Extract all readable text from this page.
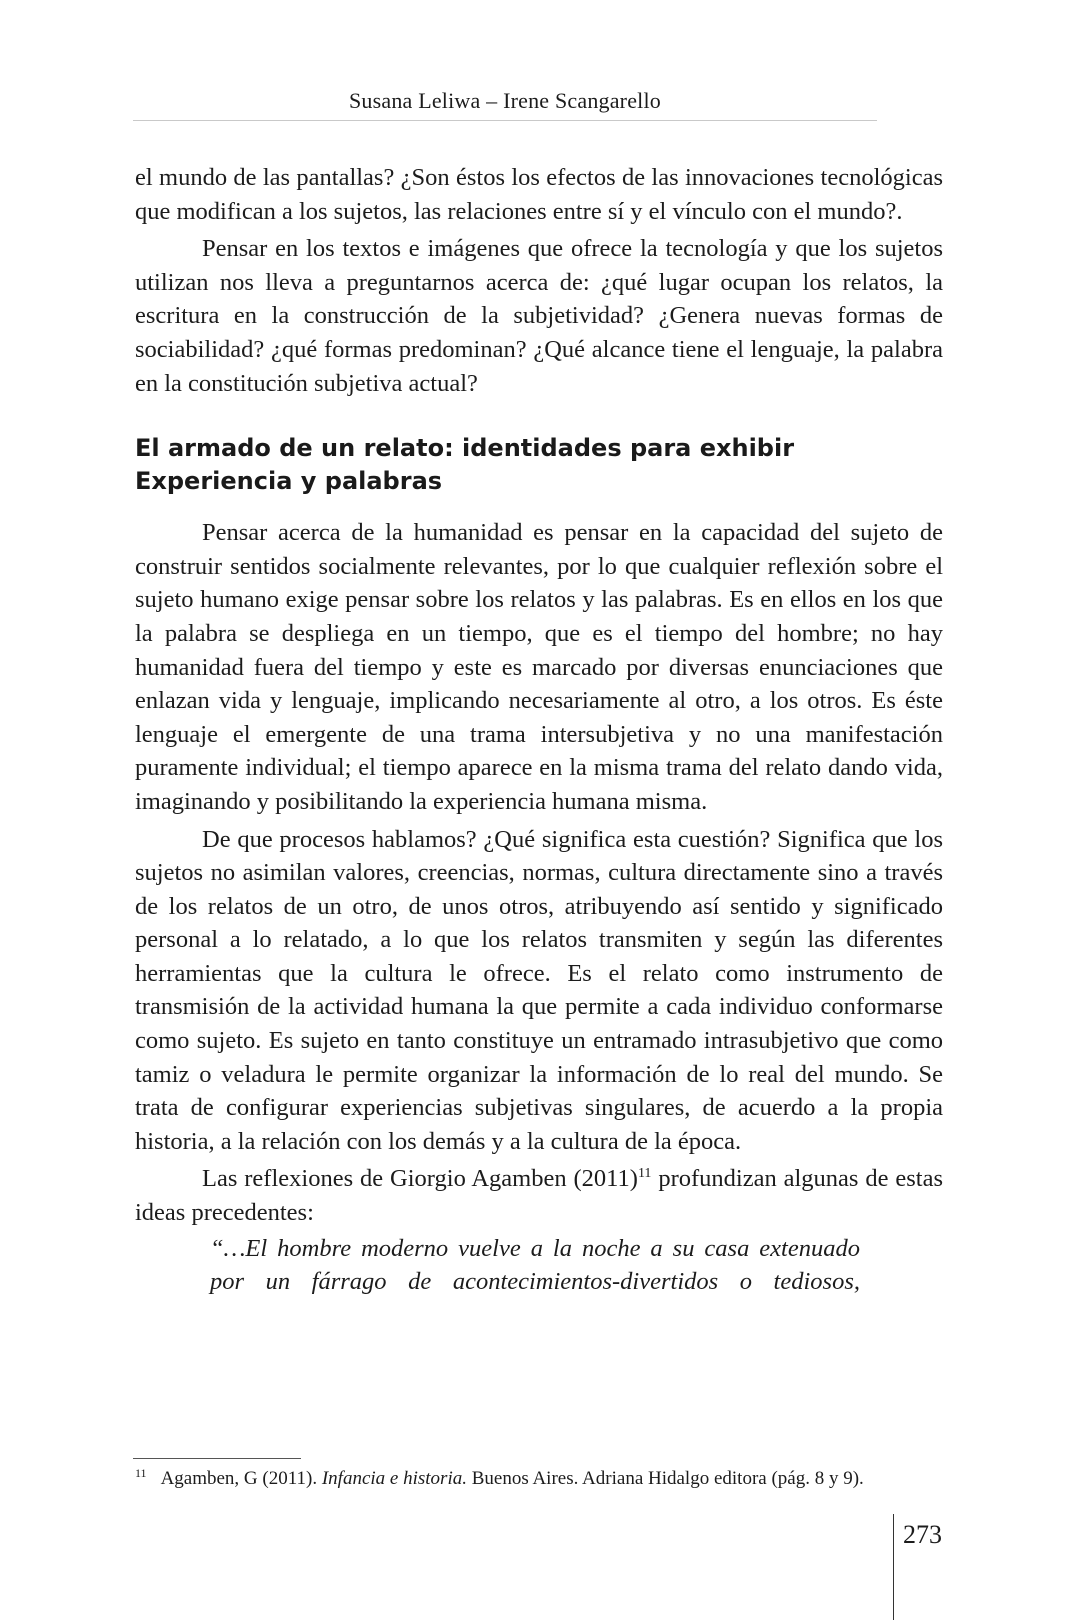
Susana Leliwa – Irene Scangarello

el mundo de las pantallas? ¿Son éstos los efectos de las innovaciones tecnológicas que modifican a los sujetos, las relaciones entre sí y el vínculo con el mundo?.

Pensar en los textos e imágenes que ofrece la tecnología y que los sujetos utilizan nos lleva a preguntarnos acerca de: ¿qué lugar ocupan los relatos, la escritura en la construcción de la subjetividad? ¿Genera nuevas formas de sociabilidad? ¿qué formas predominan? ¿Qué alcance tiene el lenguaje, la palabra en la constitución subjetiva actual?

El armado de un relato: identidades para exhibir
Experiencia y palabras

Pensar acerca de la humanidad es pensar en la capacidad del sujeto de construir sentidos socialmente relevantes, por lo que cualquier reflexión sobre el sujeto humano exige pensar sobre los relatos y las palabras. Es en ellos en los que la palabra se despliega en un tiempo, que es el tiempo del hombre; no hay humanidad fuera del tiempo y este es marcado por diversas enunciaciones que enlazan vida y lenguaje, implicando necesariamente al otro, a los otros. Es éste lenguaje el emergente de una trama intersubjetiva y no una manifestación puramente individual; el tiempo aparece en la misma trama del relato dando vida, imaginando y posibilitando la experiencia humana misma.

De que procesos hablamos? ¿Qué significa esta cuestión? Significa que los sujetos no asimilan valores, creencias, normas, cultura directamente sino a través de los relatos de un otro, de unos otros, atribuyendo así sentido y significado personal a lo relatado, a lo que los relatos transmiten y según las diferentes herramientas que la cultura le ofrece. Es el relato como instrumento de transmisión de la actividad humana la que permite a cada individuo conformarse como sujeto. Es sujeto en tanto constituye un entramado intrasubjetivo que como tamiz o veladura le permite organizar la información de lo real del mundo. Se trata de configurar experiencias subjetivas singulares, de acuerdo a la propia historia, a la relación con los demás y a la cultura de la época.

Las reflexiones de Giorgio Agamben $(2011)^{11}$ profundizan algunas de estas ideas precedentes:

“…El hombre moderno vuelve a la noche a su casa extenuado
por un fárrago de acontecimientos-divertidos o tediosos,
$^{11}$ Agamben, G (2011). Infancia e historia. Buenos Aires. Adriana Hidalgo editora (pág. 8 y 9).
273
